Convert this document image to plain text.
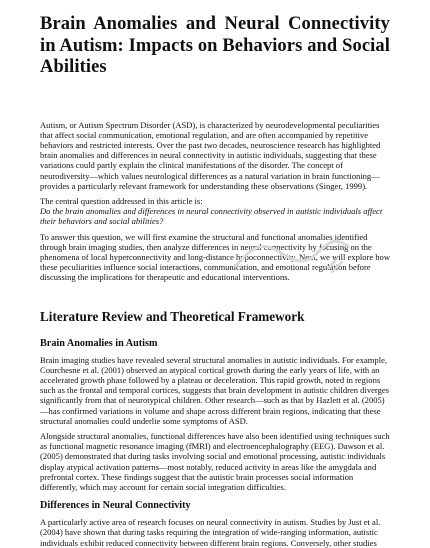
Brain Anomalies and Neural Connectivity in Autism: Impacts on Behaviors and Social Abilities

Autism, or Autism Spectrum Disorder (ASD), is characterized by neurodevelopmental peculiarities that affect social communication, emotional regulation, and are often accompanied by repetitive behaviors and restricted interests. Over the past two decades, neuroscience research has highlighted brain anomalies and differences in neural connectivity in autistic individuals, suggesting that these variations could partly explain the clinical manifestations of the disorder. The concept of neurodiversity—which values neurological differences as a natural variation in brain functioning—provides a particularly relevant framework for understanding these observations (Singer, 1999).

The central question addressed in this article is:

Do the brain anomalies and differences in neural connectivity observed in autistic individuals affect their behaviors and social abilities?

To answer this question, we will first examine the structural and functional anomalies identified through brain imaging studies, then analyze differences in neural connectivity by focusing on the phenomena of local hyperconnectivity and long-distance hypoconnectivity. Next, we will explore how these peculiarities influence social interactions, communication, and emotional regulation before discussing the implications for therapeutic and educational interventions.

Literature Review and Theoretical Framework
Brain Anomalies in Autism

Brain imaging studies have revealed several structural anomalies in autistic individuals. For example, Courchesne et al. (2001) observed an atypical cortical growth during the early years of life, with an accelerated growth phase followed by a plateau or deceleration. This rapid growth, noted in regions such as the frontal and temporal cortices, suggests that brain development in autistic children diverges significantly from that of neurotypical children. Other research—such as that by Hazlett et al. (2005)—has confirmed variations in volume and shape across different brain regions, indicating that these structural anomalies could underlie some symptoms of ASD.

Alongside structural anomalies, functional differences have also been identified using techniques such as functional magnetic resonance imaging (fMRI) and electroencephalography (EEG). Dawson et al. (2005) demonstrated that during tasks involving social and emotional processing, autistic individuals display atypical activation patterns—most notably, reduced activity in areas like the amygdala and prefrontal cortex. These findings suggest that the autistic brain processes social information differently, which may account for certain social integration difficulties.

Differences in Neural Connectivity

A particularly active area of research focuses on neural connectivity in autism. Studies by Just et al. (2004) have shown that during tasks requiring the integration of wide-ranging information, autistic individuals exhibit reduced connectivity between different brain regions. Conversely, other studies
